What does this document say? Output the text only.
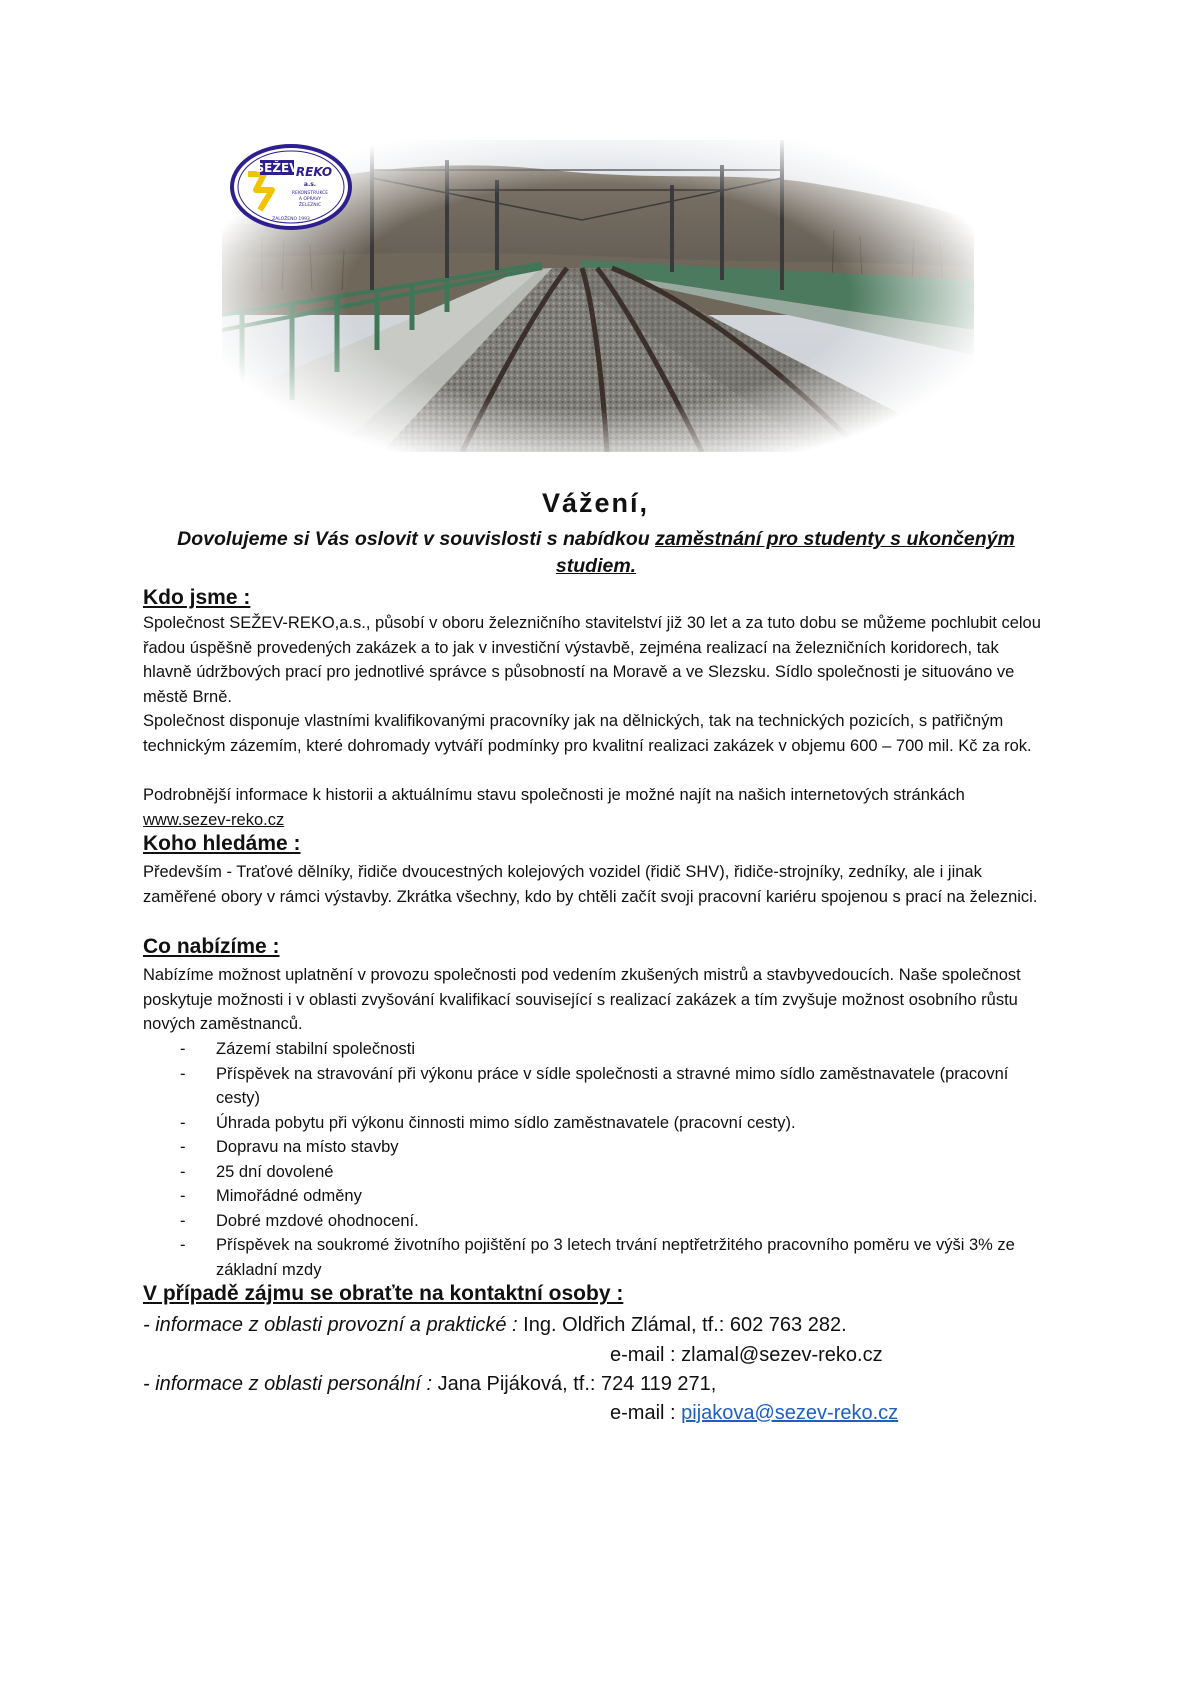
SEŽEV
REKO
a.s.
REKONSTRUKCE
A OPRAVY
ŽELEZNIC
ZALOŽENO 1993
Vážení,

Dovolujeme si Vás oslovit v souvislosti s nabídkou zaměstnání pro studenty s ukončeným studiem.

Kdo jsme :

Společnost SEŽEV-REKO,a.s., působí v oboru železničního stavitelství již 30 let a za tuto dobu se můžeme pochlubit celou řadou úspěšně provedených zakázek a to jak v investiční výstavbě, zejména realizací na železničních koridorech, tak hlavně údržbových prací pro jednotlivé správce s působností na Moravě a ve Slezsku. Sídlo společnosti je situováno ve městě Brně.

Společnost disponuje vlastními kvalifikovanými pracovníky jak na dělnických, tak na technických pozicích, s patřičným technickým zázemím, které dohromady vytváří podmínky pro kvalitní realizaci zakázek v objemu 600 – 700 mil. Kč za rok.

Podrobnější informace k historii a aktuálnímu stavu společnosti je možné najít na našich internetových stránkách www.sezev-reko.cz

Koho hledáme :

Především - Traťové dělníky, řidiče dvoucestných kolejových vozidel (řidič SHV), řidiče-strojníky, zedníky, ale i jinak zaměřené obory v rámci výstavby. Zkrátka všechny, kdo by chtěli začít svoji pracovní kariéru spojenou s prací na železnici.

Co nabízíme :

Nabízíme možnost uplatnění v provozu společnosti pod vedením zkušených mistrů a stavbyvedoucích. Naše společnost poskytuje možnosti i v oblasti zvyšování kvalifikací související s realizací zakázek a tím zvyšuje možnost osobního růstu nových zaměstnanců.

- Zázemí stabilní společnosti
- Příspěvek na stravování při výkonu práce v sídle společnosti a stravné mimo sídlo zaměstnavatele (pracovní cesty)
- Úhrada pobytu při výkonu činnosti mimo sídlo zaměstnavatele (pracovní cesty).
- Dopravu na místo stavby
- 25 dní dovolené
- Mimořádné odměny
- Dobré mzdové ohodnocení.
- Příspěvek na soukromé životního pojištění po 3 letech trvání neptřetržitého pracovního poměru ve výši 3% ze základní mzdy
V případě zájmu se obraťte na kontaktní osoby :

- informace z oblasti provozní a praktické : Ing. Oldřich Zlámal, tf.: 602 763 282.

e-mail : zlamal@sezev-reko.cz

- informace z oblasti personální : Jana Pijáková, tf.: 724 119 271,

e-mail : pijakova@sezev-reko.cz
